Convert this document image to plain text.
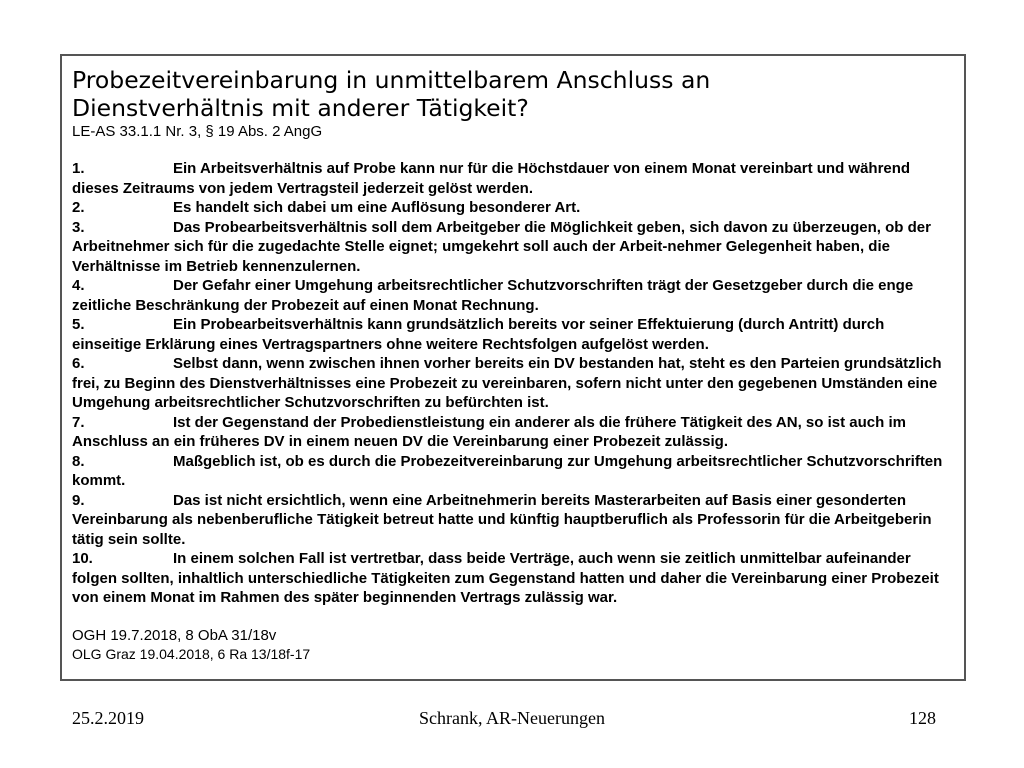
Probezeitvereinbarung in unmittelbarem Anschluss an
Dienstverhältnis mit anderer Tätigkeit?

LE-AS 33.1.1 Nr. 3, § 19 Abs. 2 AngG

1.	Ein Arbeitsverhältnis auf Probe kann nur für die Höchstdauer von einem Monat vereinbart und während dieses Zeitraums von jedem Vertragsteil jederzeit gelöst werden.
2.	Es handelt sich dabei um eine Auflösung besonderer Art.
3.	Das Probearbeitsverhältnis soll dem Arbeitgeber die Möglichkeit geben, sich davon zu überzeugen, ob der Arbeitnehmer sich für die zugedachte Stelle eignet; umgekehrt soll auch der Arbeit-nehmer Gelegenheit haben, die Verhältnisse im Betrieb kennenzulernen.
4.	Der Gefahr einer Umgehung arbeitsrechtlicher Schutzvorschriften trägt der Gesetzgeber durch die enge zeitliche Beschränkung der Probezeit auf einen Monat Rechnung.
5.	Ein Probearbeitsverhältnis kann grundsätzlich bereits vor seiner Effektuierung (durch Antritt) durch einseitige Erklärung eines Vertragspartners ohne weitere Rechtsfolgen aufgelöst werden.
6.	Selbst dann, wenn zwischen ihnen vorher bereits ein DV bestanden hat, steht es den Parteien grundsätzlich frei, zu Beginn des Dienstverhältnisses eine Probezeit zu vereinbaren, sofern nicht unter den gegebenen Umständen eine Umgehung arbeitsrechtlicher Schutzvorschriften zu befürchten ist.
7.	Ist der Gegenstand der Probedienstleistung ein anderer als die frühere Tätigkeit des AN, so ist auch im Anschluss an ein früheres DV in einem neuen DV die Vereinbarung einer Probezeit zulässig.
8.	Maßgeblich ist, ob es durch die Probezeitvereinbarung zur Umgehung arbeitsrechtlicher Schutzvorschriften kommt.
9.	Das ist nicht ersichtlich, wenn eine Arbeitnehmerin bereits Masterarbeiten auf Basis einer gesonderten Vereinbarung als nebenberufliche Tätigkeit betreut hatte und künftig hauptberuflich als Professorin für die Arbeitgeberin tätig sein sollte.
10.	In einem solchen Fall ist vertretbar, dass beide Verträge, auch wenn sie zeitlich unmittelbar aufeinander folgen sollten, inhaltlich unterschiedliche Tätigkeiten zum Gegenstand hatten und daher die Vereinbarung einer Probezeit von einem Monat im Rahmen des später beginnenden Vertrags zulässig war.

OGH 19.7.2018, 8 ObA 31/18v

OLG Graz 19.04.2018, 6 Ra 13/18f-17

25.2.2019	Schrank, AR-Neuerungen	128
